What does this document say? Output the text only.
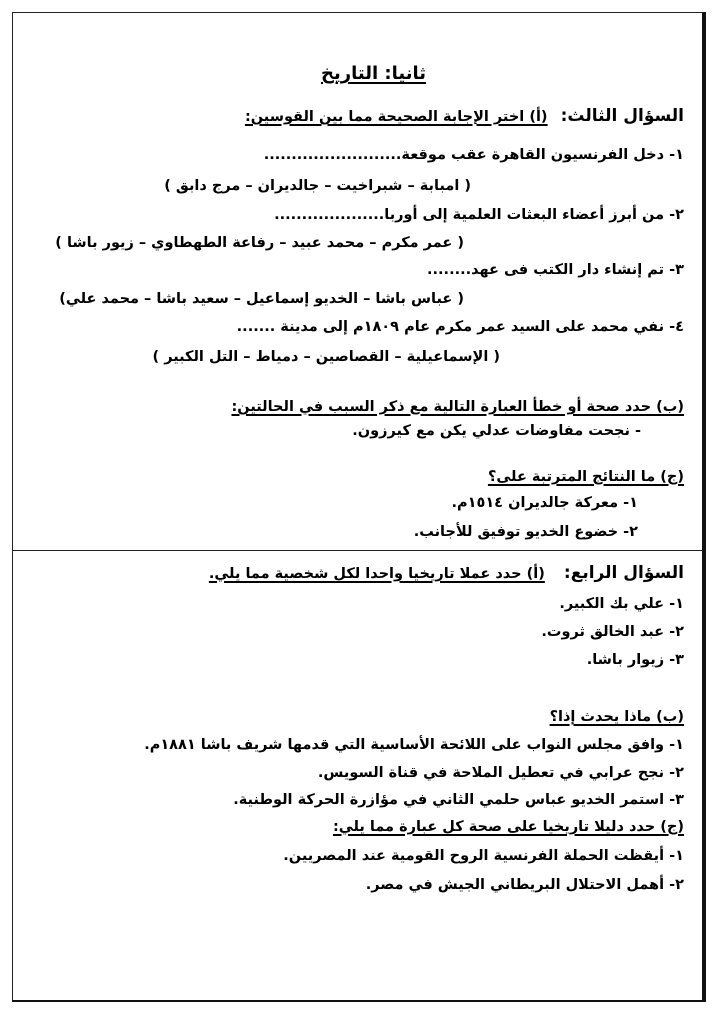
ثانيا: التاريخ
السؤال الثالث: (أ) اختر الإجابة الصحيحة مما بين القوسين:
١- دخل الفرنسيون القاهرة عقب موقعة.........................
( امبابة – شبراخيت – جالديران – مرج دابق )
٢- من أبرز أعضاء البعثات العلمية إلى أوربا....................
( عمر مكرم – محمد عبيد – رفاعة الطهطاوي – زيور باشا )
٣- تم إنشاء دار الكتب فى عهد........
( عباس باشا – الخديو إسماعيل – سعيد باشا – محمد علي)
٤- نفي محمد على السيد عمر مكرم عام ١٨٠٩م إلى مدينة .......
( الإسماعيلية – القصاصين – دمياط – التل الكبير )
(ب) حدد صحة أو خطأ العبارة التالية مع ذكر السبب في الحالتين:
- نجحت مفاوضات عدلي يكن مع كيرزون.
(ج) ما النتائج المترتبة على؟
١- معركة جالديران ١٥١٤م.
٢- خضوع الخديو توفيق للأجانب.
السؤال الرابع: (أ) حدد عملا تاريخيا واحدا لكل شخصية مما يلي.
١- علي بك الكبير.
٢- عبد الخالق ثروت.
٣- زيوار باشا.
(ب) ماذا يحدث إذا؟
١- وافق مجلس النواب على اللائحة الأساسية التي قدمها شريف باشا ١٨٨١م.
٢- نجح عرابي في تعطيل الملاحة في قناة السويس.
٣- استمر الخديو عباس حلمي الثاني في مؤازرة الحركة الوطنية.
(ج) حدد دليلا تاريخيا على صحة كل عبارة مما يلي:
١- أيقظت الحملة الفرنسية الروح القومية عند المصريين.
٢- أهمل الاحتلال البريطاني الجيش في مصر.
